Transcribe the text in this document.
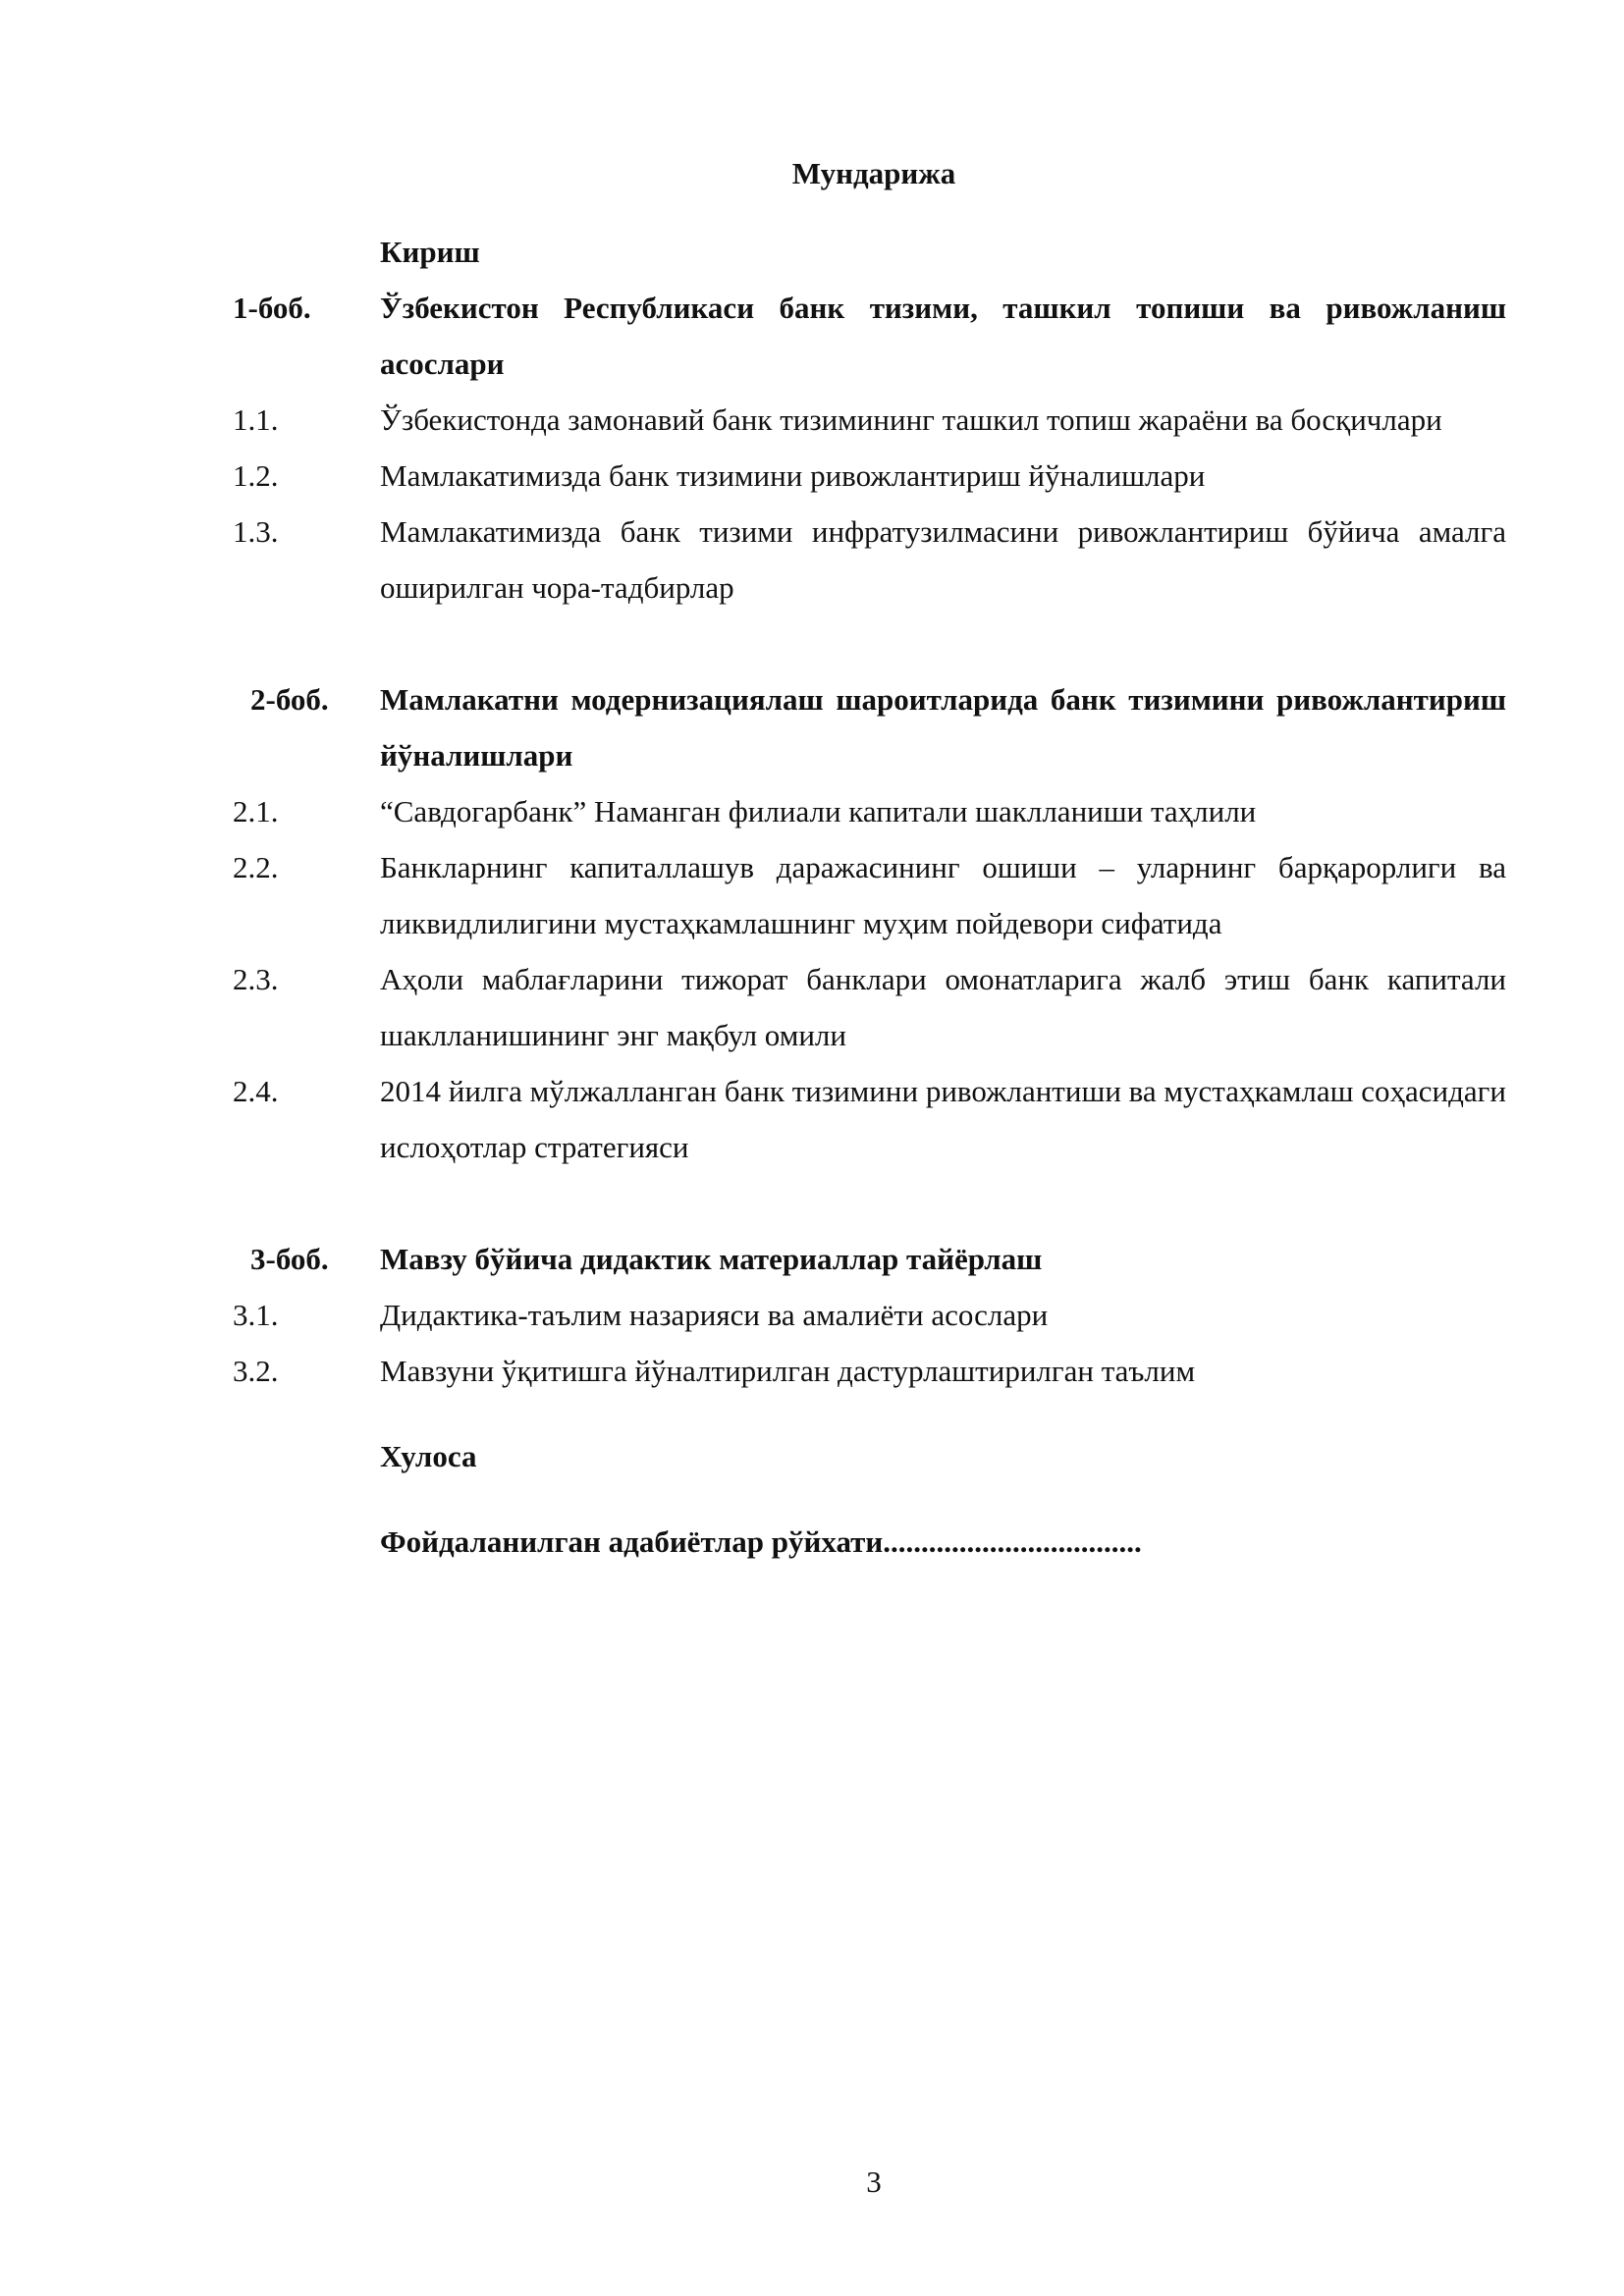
Мундарижа
Кириш
1-боб.	Ўзбекистон Республикаси банк тизими, ташкил топиши ва ривожланиш асослари
1.1.	Ўзбекистонда замонавий банк тизимининг ташкил топиш жараёни ва босқичлари
1.2.	Мамлакатимизда банк тизимини ривожлантириш йўналишлари
1.3.	Мамлакатимизда банк тизими инфратузилмасини ривожлантириш бўйича амалга оширилган чора-тадбирлар
2-боб.	Мамлакатни модернизациялаш шароитларида банк тизимини ривожлантириш йўналишлари
2.1.	“Савдогарбанк” Наманган филиали капитали шаклланиши таҳлили
2.2.	Банкларнинг капиталлашув даражасининг ошиши – уларнинг барқарорлиги ва ликвидлилигини мустаҳкамлашнинг муҳим пойдевори сифатида
2.3.	Аҳоли маблағларини тижорат банклари омонатларига жалб этиш банк капитали шаклланишининг энг мақбул омили
2.4.	2014 йилга мўлжалланган банк тизимини ривожлантиши ва мустаҳкамлаш соҳасидаги ислоҳотлар стратегияси
3-боб.	Мавзу бўйича дидактик материаллар тайёрлаш
3.1.	Дидактика-таълим назарияси ва амалиёти асослари
3.2.	Мавзуни ўқитишга йўналтирилган дастурлаштирилган таълим
Хулоса
Фойдаланилган адабиётлар рўйхати..................................
3
